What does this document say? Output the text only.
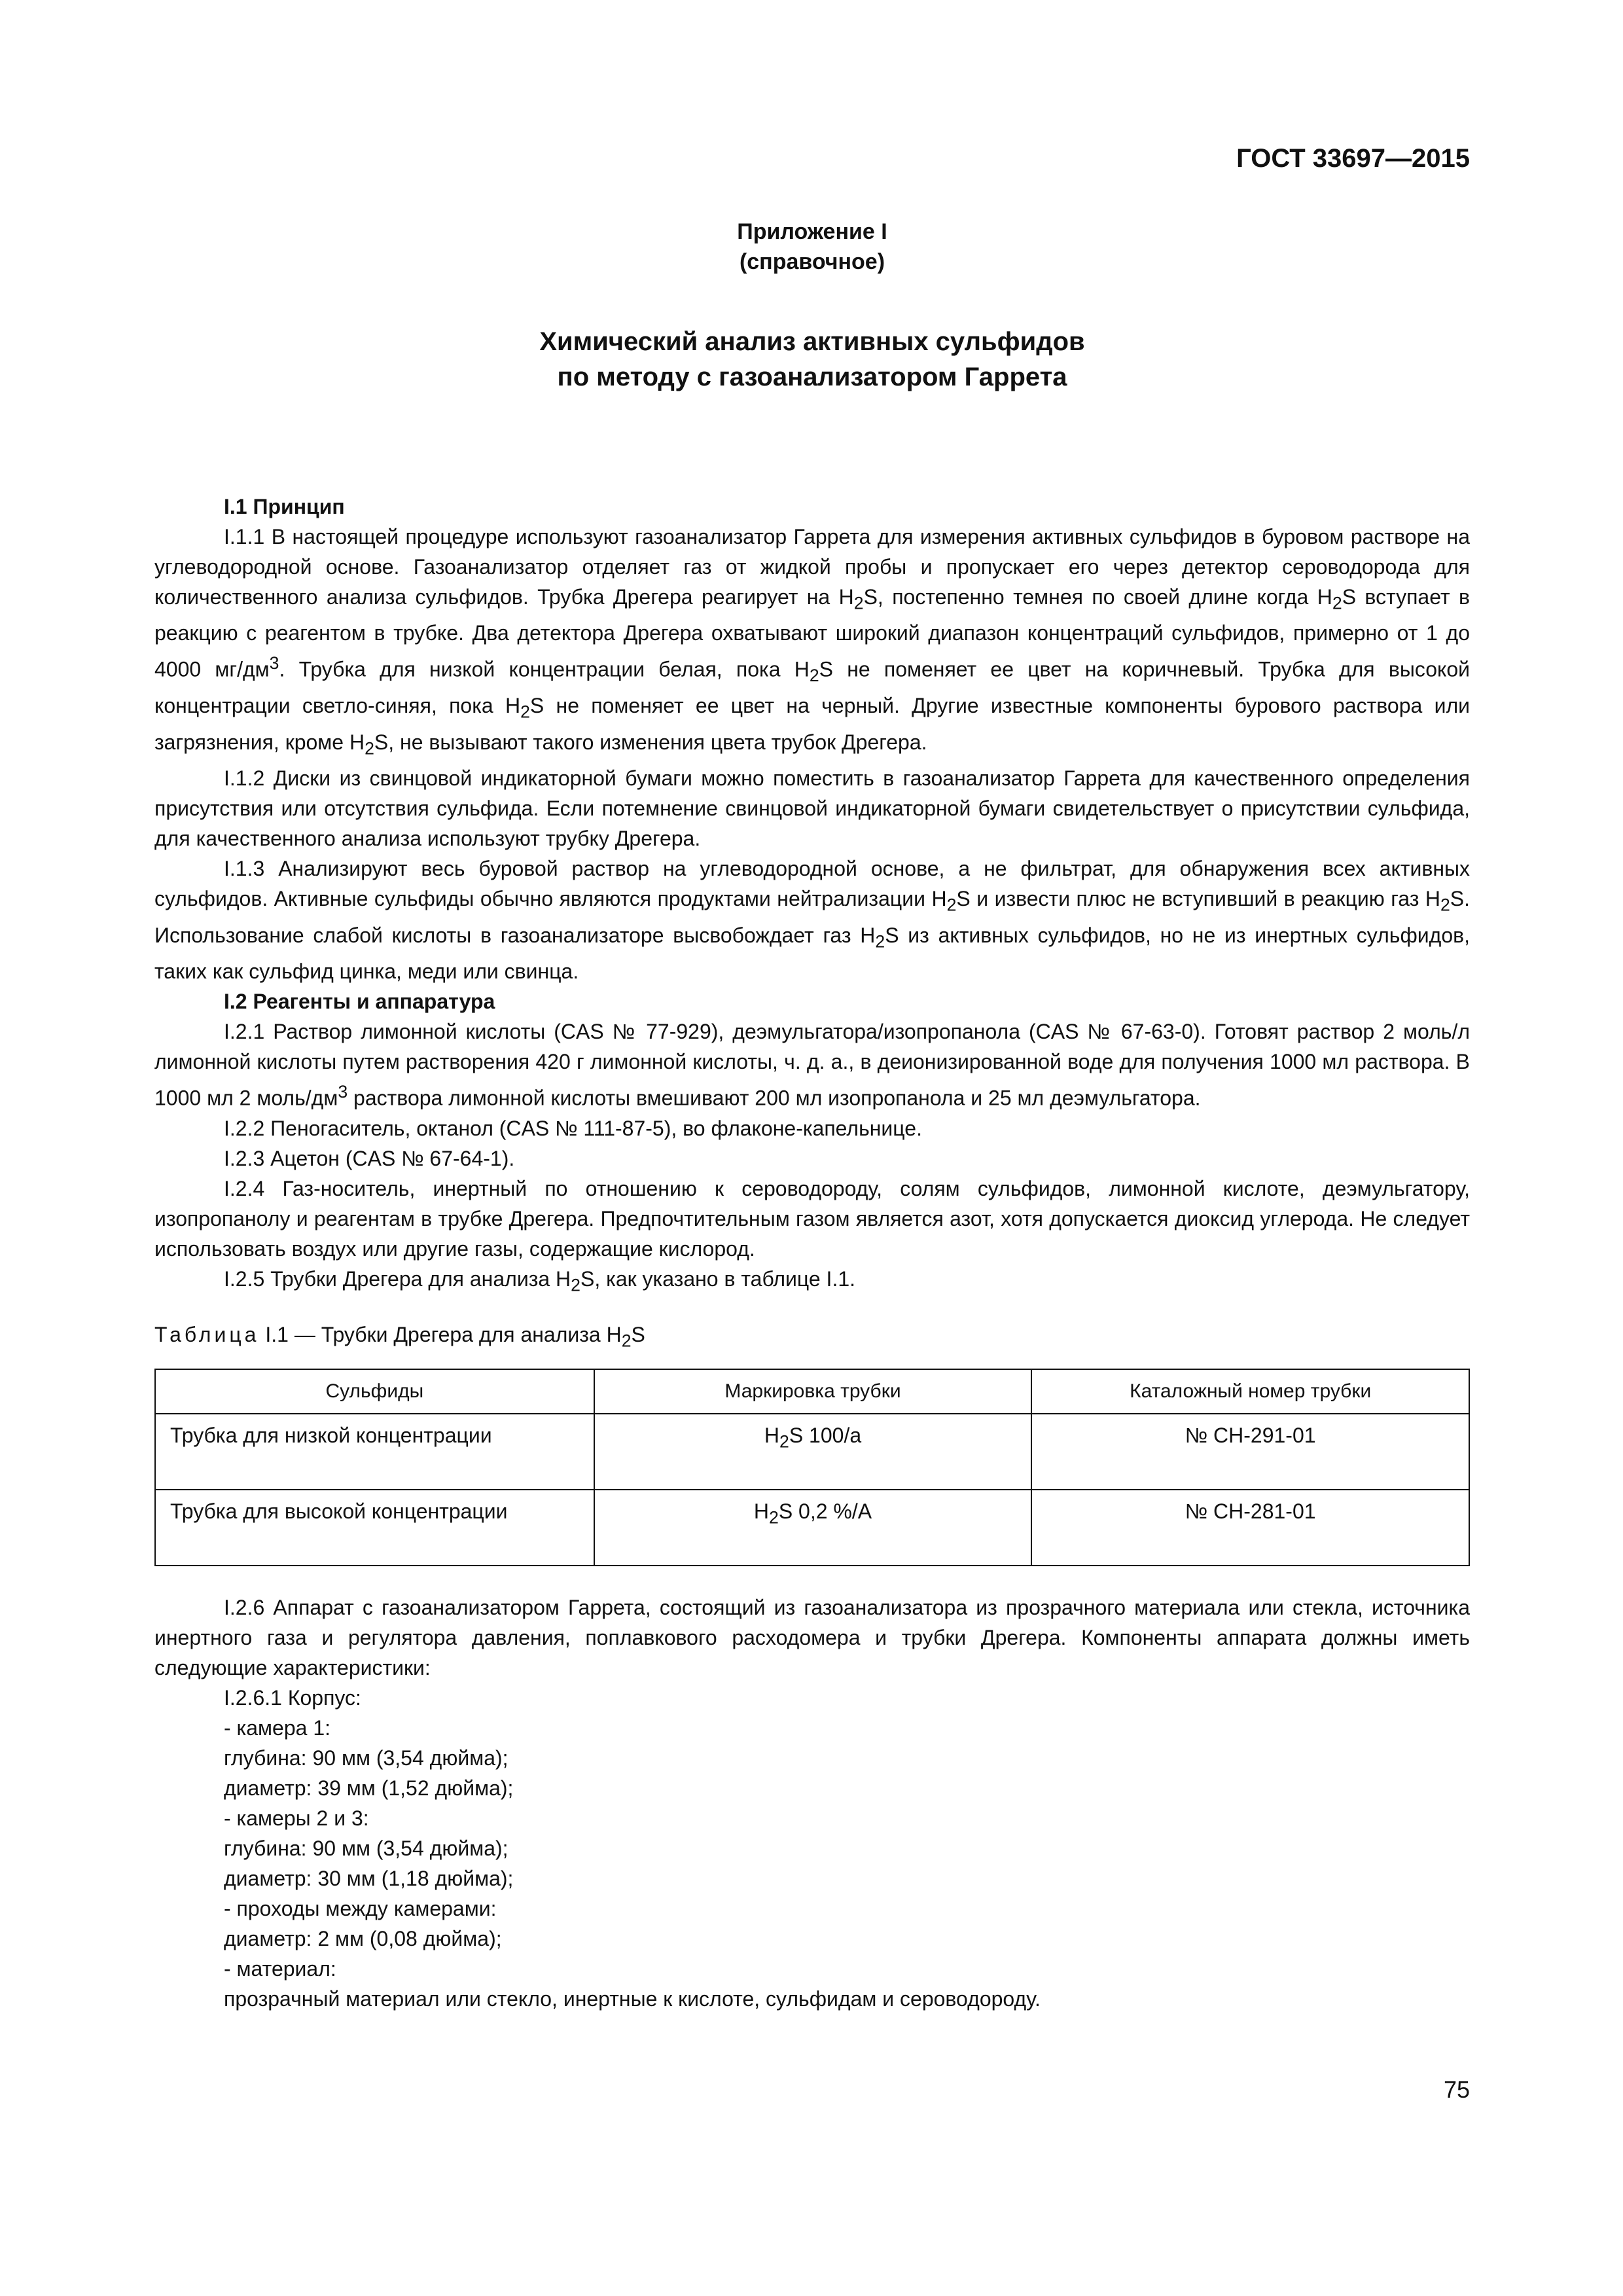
ГОСТ 33697—2015
Приложение I
(справочное)
Химический анализ активных сульфидов
по методу с газоанализатором Гаррета
I.1 Принцип

I.1.1 В настоящей процедуре используют газоанализатор Гаррета для измерения активных сульфидов в буровом растворе на углеводородной основе. Газоанализатор отделяет газ от жидкой пробы и пропускает его через детектор сероводорода для количественного анализа сульфидов. Трубка Дрегера реагирует на $H_2S$, постепенно темнея по своей длине когда $H_2S$ вступает в реакцию с реагентом в трубке. Два детектора Дрегера охватывают широкий диапазон концентраций сульфидов, примерно от 1 до 4000 $мг/дм^3$. Трубка для низкой концентрации белая, пока $H_2S$ не поменяет ее цвет на коричневый. Трубка для высокой концентрации светло-синяя, пока $H_2S$ не поменяет ее цвет на черный. Другие известные компоненты бурового раствора или загрязнения, кроме $H_2S$, не вызывают такого изменения цвета трубок Дрегера.

I.1.2 Диски из свинцовой индикаторной бумаги можно поместить в газоанализатор Гаррета для качественного определения присутствия или отсутствия сульфида. Если потемнение свинцовой индикаторной бумаги свидетельствует о присутствии сульфида, для качественного анализа используют трубку Дрегера.

I.1.3 Анализируют весь буровой раствор на углеводородной основе, а не фильтрат, для обнаружения всех активных сульфидов. Активные сульфиды обычно являются продуктами нейтрализации $H_2S$ и извести плюс не вступивший в реакцию газ $H_2S$. Использование слабой кислоты в газоанализаторе высвобождает газ $H_2S$ из активных сульфидов, но не из инертных сульфидов, таких как сульфид цинка, меди или свинца.

I.2 Реагенты и аппаратура

I.2.1 Раствор лимонной кислоты (CAS № 77-929), деэмульгатора/изопропанола (CAS № 67-63-0). Готовят раствор 2 моль/л лимонной кислоты путем растворения 420 г лимонной кислоты, ч. д. а., в деионизированной воде для получения 1000 мл раствора. В 1000 мл 2 моль/$дм^3$ раствора лимонной кислоты вмешивают 200 мл изопропанола и 25 мл деэмульгатора.

I.2.2 Пеногаситель, октанол (CAS № 111-87-5), во флаконе-капельнице.

I.2.3 Ацетон (CAS № 67-64-1).

I.2.4 Газ-носитель, инертный по отношению к сероводороду, солям сульфидов, лимонной кислоте, деэмульгатору, изопропанолу и реагентам в трубке Дрегера. Предпочтительным газом является азот, хотя допускается диоксид углерода. Не следует использовать воздух или другие газы, содержащие кислород.

I.2.5 Трубки Дрегера для анализа $H_2S$, как указано в таблице I.1.

Таблица I.1 — Трубки Дрегера для анализа $H_2S$
Сульфиды	Маркировка трубки	Каталожный номер трубки
Трубка для низкой концентрации	$H_2S$ 100/a	№ CH-291-01
Трубка для высокой концентрации	$H_2S$ 0,2 %/A	№ CH-281-01

I.2.6 Аппарат с газоанализатором Гаррета, состоящий из газоанализатора из прозрачного материала или стекла, источника инертного газа и регулятора давления, поплавкового расходомера и трубки Дрегера. Компоненты аппарата должны иметь следующие характеристики:

I.2.6.1 Корпус:
- камера 1:
глубина: 90 мм (3,54 дюйма);
диаметр: 39 мм (1,52 дюйма);
- камеры 2 и 3:
глубина: 90 мм (3,54 дюйма);
диаметр: 30 мм (1,18 дюйма);
- проходы между камерами:
диаметр: 2 мм (0,08 дюйма);
- материал:
прозрачный материал или стекло, инертные к кислоте, сульфидам и сероводороду.
75
